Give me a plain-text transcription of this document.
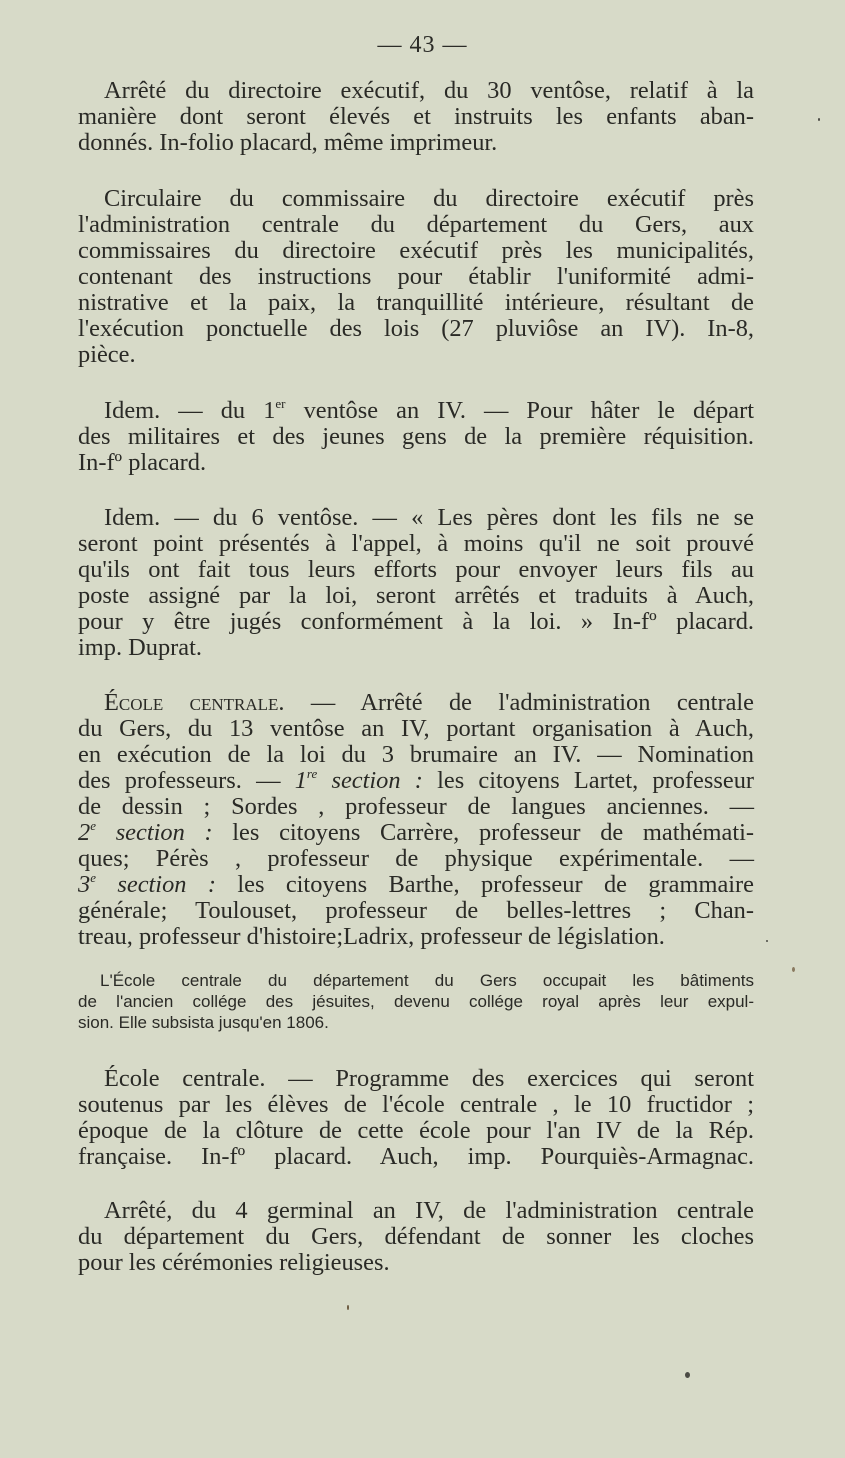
— 43 —
Arrêté du directoire exécutif, du 30 ventôse, relatif à la
manière dont seront élevés et instruits les enfants aban-
donnés. In-folio placard, même imprimeur.
Circulaire du commissaire du directoire exécutif près
l'administration centrale du département du Gers, aux
commissaires du directoire exécutif près les municipalités,
contenant des instructions pour établir l'uniformité admi-
nistrative et la paix, la tranquillité intérieure, résultant de
l'exécution ponctuelle des lois (27 pluviôse an IV). In-8,
pièce.
Idem. — du 1er ventôse an IV. — Pour hâter le départ
des militaires et des jeunes gens de la première réquisition.
In-fº placard.
Idem. — du 6 ventôse. — « Les pères dont les fils ne se
seront point présentés à l'appel, à moins qu'il ne soit prouvé
qu'ils ont fait tous leurs efforts pour envoyer leurs fils au
poste assigné par la loi, seront arrêtés et traduits à Auch,
pour y être jugés conformément à la loi. » In-fº placard.
imp. Duprat.
École centrale. — Arrêté de l'administration centrale
du Gers, du 13 ventôse an IV, portant organisation à Auch,
en exécution de la loi du 3 brumaire an IV. — Nomination
des professeurs. — 1re section : les citoyens Lartet, professeur
de dessin ; Sordes , professeur de langues anciennes. —
2e section : les citoyens Carrère, professeur de mathémati-
ques; Pérès , professeur de physique expérimentale. —
3e section : les citoyens Barthe, professeur de grammaire
générale; Toulouset, professeur de belles-lettres ; Chan-
treau, professeur d'histoire;Ladrix, professeur de législation.
L'École centrale du département du Gers occupait les bâtiments
de l'ancien collége des jésuites, devenu collége royal après leur expul-
sion. Elle subsista jusqu'en 1806.
École centrale. — Programme des exercices qui seront
soutenus par les élèves de l'école centrale , le 10 fructidor ;
époque de la clôture de cette école pour l'an IV de la Rép.
française. In-fº placard. Auch, imp. Pourquiès-Armagnac.
Arrêté, du 4 germinal an IV, de l'administration centrale
du département du Gers, défendant de sonner les cloches
pour les cérémonies religieuses.
